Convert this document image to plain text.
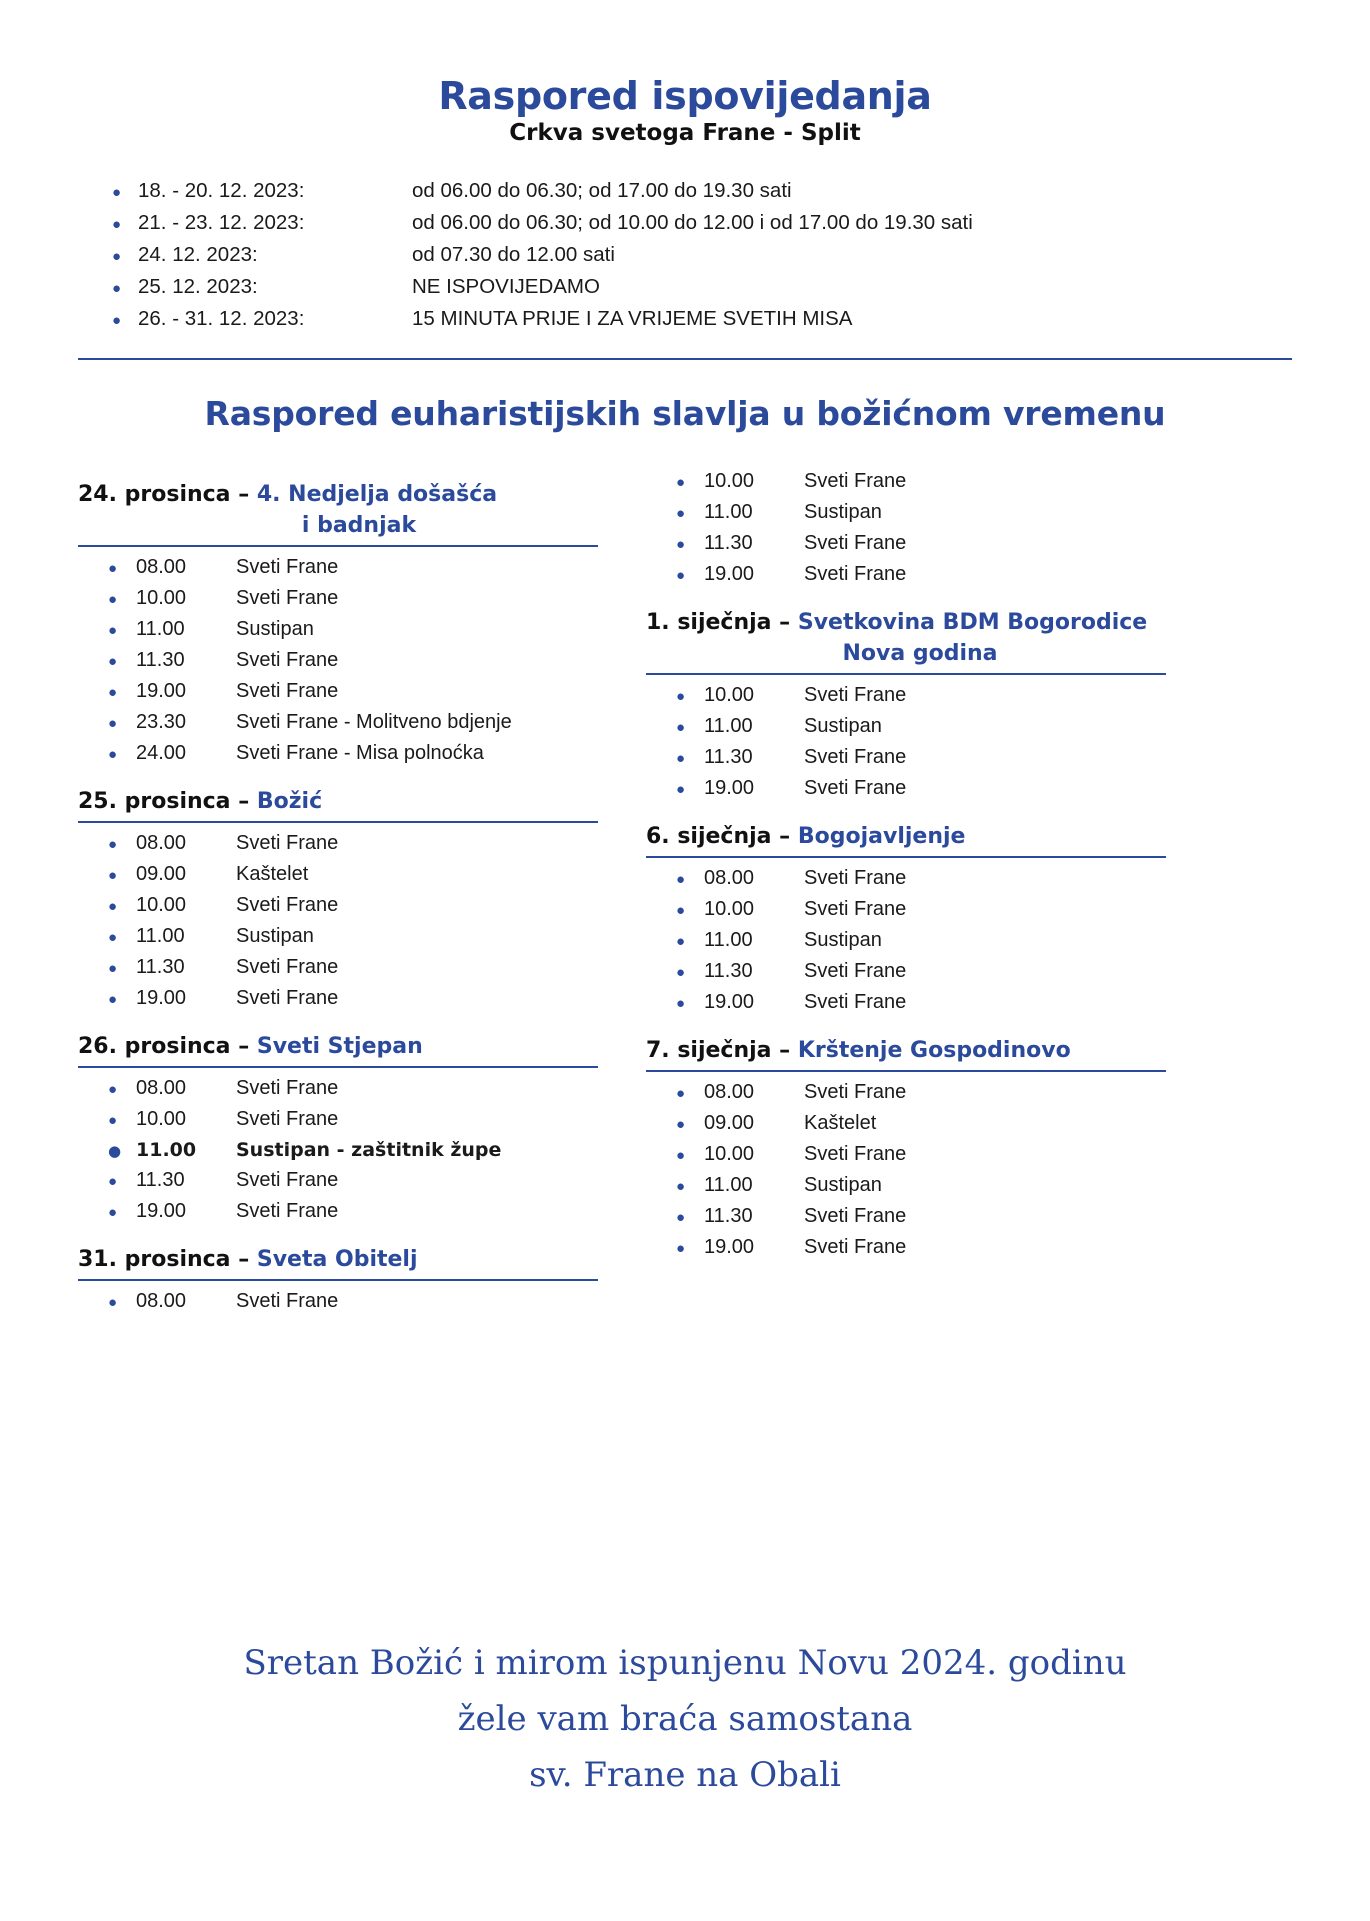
Raspored ispovijedanja
Crkva svetoga Frane - Split
● 18. - 20. 12. 2023:	od 06.00 do 06.30; od 17.00 do 19.30 sati
● 21. - 23. 12. 2023:	od 06.00 do 06.30; od 10.00 do 12.00 i od 17.00 do 19.30 sati
● 24. 12. 2023:	od 07.30 do 12.00 sati
● 25. 12. 2023:	NE ISPOVIJEDAMO
● 26. - 31. 12. 2023:	15 MINUTA PRIJE I ZA VRIJEME SVETIH MISA
Raspored euharistijskih slavlja u božićnom vremenu
24. prosinca – 4. Nedjelja došašća
i badnjak
● 08.00	Sveti Frane
● 10.00	Sveti Frane
● 11.00	Sustipan
● 11.30	Sveti Frane
● 19.00	Sveti Frane
● 23.30	Sveti Frane - Molitveno bdjenje
● 24.00	Sveti Frane - Misa polnoćka
25. prosinca – Božić
● 08.00	Sveti Frane
● 09.00	Kaštelet
● 10.00	Sveti Frane
● 11.00	Sustipan
● 11.30	Sveti Frane
● 19.00	Sveti Frane
26. prosinca – Sveti Stjepan
● 08.00	Sveti Frane
● 10.00	Sveti Frane
● 11.00	Sustipan - zaštitnik župe
● 11.30	Sveti Frane
● 19.00	Sveti Frane
31. prosinca – Sveta Obitelj
● 08.00	Sveti Frane
● 10.00	Sveti Frane
● 11.00	Sustipan
● 11.30	Sveti Frane
● 19.00	Sveti Frane
1. siječnja – Svetkovina BDM Bogorodice
Nova godina
● 10.00	Sveti Frane
● 11.00	Sustipan
● 11.30	Sveti Frane
● 19.00	Sveti Frane
6. siječnja – Bogojavljenje
● 08.00	Sveti Frane
● 10.00	Sveti Frane
● 11.00	Sustipan
● 11.30	Sveti Frane
● 19.00	Sveti Frane
7. siječnja – Krštenje Gospodinovo
● 08.00	Sveti Frane
● 09.00	Kaštelet
● 10.00	Sveti Frane
● 11.00	Sustipan
● 11.30	Sveti Frane
● 19.00	Sveti Frane
Sretan Božić i mirom ispunjenu Novu 2024. godinu
žele vam braća samostana
sv. Frane na Obali
